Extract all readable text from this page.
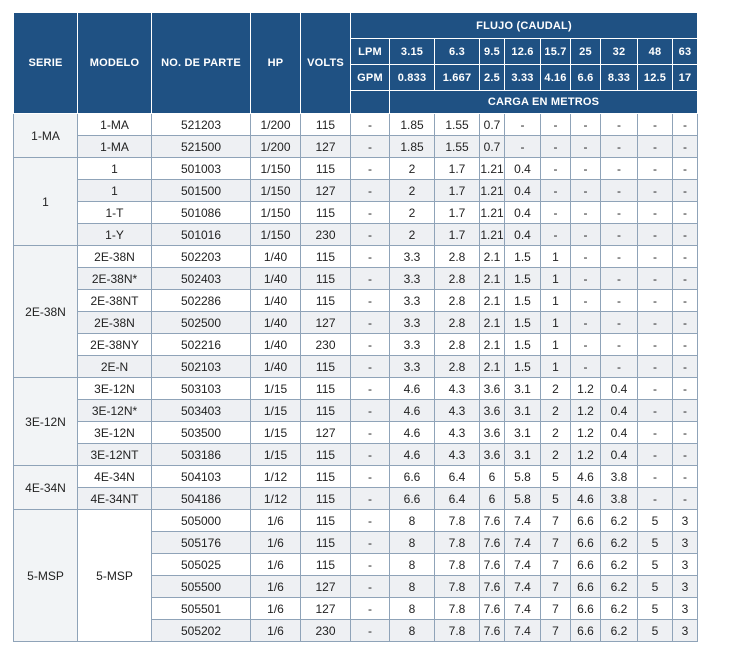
SERIE	MODELO	NO. DE PARTE	HP	VOLTS	FLUJO (CAUDAL)									
					LPM	3.15	6.3	9.5	12.6	15.7	25	32	48	63
					GPM	0.833	1.667	2.5	3.33	4.16	6.6	8.33	12.5	17
						CARGA EN METROS								
1-MA	1-MA	521203	1/200	115	-	1.85	1.55	0.7	-	-	-	-	-	-
	1-MA	521500	1/200	127	-	1.85	1.55	0.7	-	-	-	-	-	-
1	1	501003	1/150	115	-	2	1.7	1.21	0.4	-	-	-	-	-
	1	501500	1/150	127	-	2	1.7	1.21	0.4	-	-	-	-	-
	1-T	501086	1/150	115	-	2	1.7	1.21	0.4	-	-	-	-	-
	1-Y	501016	1/150	230	-	2	1.7	1.21	0.4	-	-	-	-	-
2E-38N	2E-38N	502203	1/40	115	-	3.3	2.8	2.1	1.5	1	-	-	-	-
	2E-38N*	502403	1/40	115	-	3.3	2.8	2.1	1.5	1	-	-	-	-
	2E-38NT	502286	1/40	115	-	3.3	2.8	2.1	1.5	1	-	-	-	-
	2E-38N	502500	1/40	127	-	3.3	2.8	2.1	1.5	1	-	-	-	-
	2E-38NY	502216	1/40	230	-	3.3	2.8	2.1	1.5	1	-	-	-	-
	2E-N	502103	1/40	115	-	3.3	2.8	2.1	1.5	1	-	-	-	-
3E-12N	3E-12N	503103	1/15	115	-	4.6	4.3	3.6	3.1	2	1.2	0.4	-	-
	3E-12N*	503403	1/15	115	-	4.6	4.3	3.6	3.1	2	1.2	0.4	-	-
	3E-12N	503500	1/15	127	-	4.6	4.3	3.6	3.1	2	1.2	0.4	-	-
	3E-12NT	503186	1/15	115	-	4.6	4.3	3.6	3.1	2	1.2	0.4	-	-
4E-34N	4E-34N	504103	1/12	115	-	6.6	6.4	6	5.8	5	4.6	3.8	-	-
	4E-34NT	504186	1/12	115	-	6.6	6.4	6	5.8	5	4.6	3.8	-	-
5-MSP	5-MSP	505000	1/6	115	-	8	7.8	7.6	7.4	7	6.6	6.2	5	3
		505176	1/6	115	-	8	7.8	7.6	7.4	7	6.6	6.2	5	3
		505025	1/6	115	-	8	7.8	7.6	7.4	7	6.6	6.2	5	3
		505500	1/6	127	-	8	7.8	7.6	7.4	7	6.6	6.2	5	3
		505501	1/6	127	-	8	7.8	7.6	7.4	7	6.6	6.2	5	3
		505202	1/6	230	-	8	7.8	7.6	7.4	7	6.6	6.2	5	3
